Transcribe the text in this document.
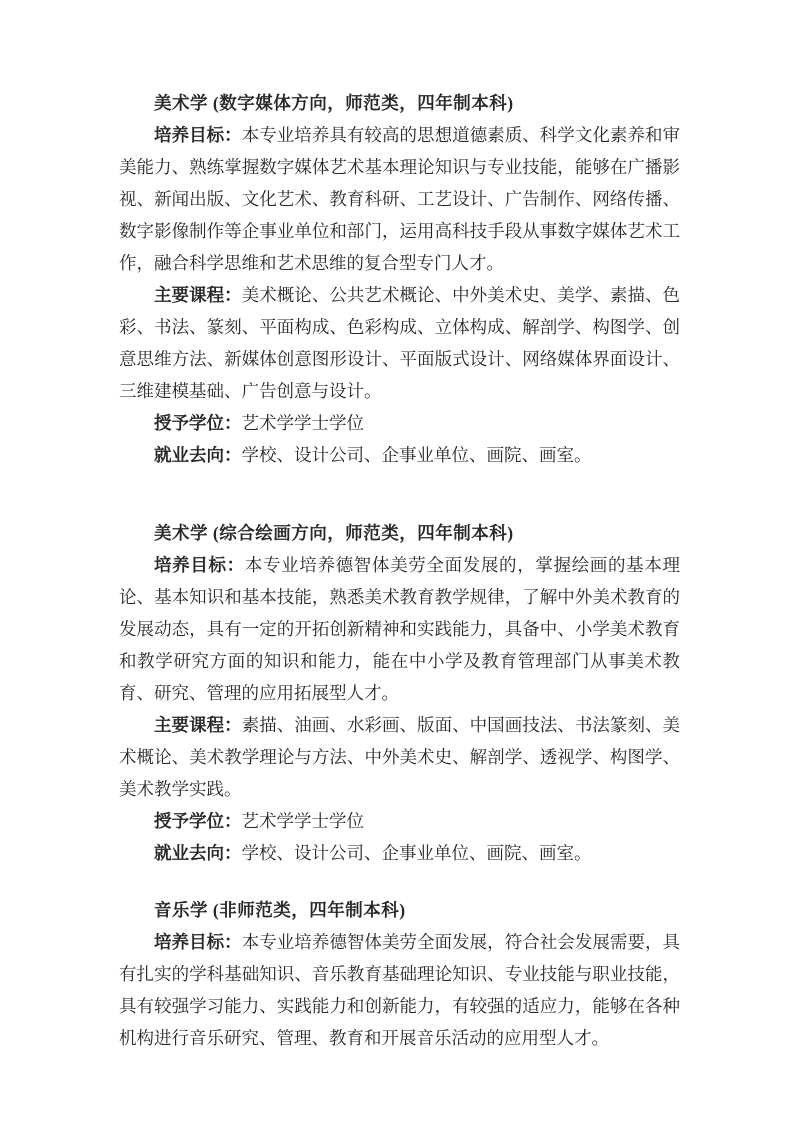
美术学 (数字媒体方向，师范类，四年制本科)

培养目标：本专业培养具有较高的思想道德素质、科学文化素养和审美能力、熟练掌握数字媒体艺术基本理论知识与专业技能，能够在广播影视、新闻出版、文化艺术、教育科研、工艺设计、广告制作、网络传播、数字影像制作等企事业单位和部门，运用高科技手段从事数字媒体艺术工作，融合科学思维和艺术思维的复合型专门人才。

主要课程：美术概论、公共艺术概论、中外美术史、美学、素描、色彩、书法、篆刻、平面构成、色彩构成、立体构成、解剖学、构图学、创意思维方法、新媒体创意图形设计、平面版式设计、网络媒体界面设计、三维建模基础、广告创意与设计。

授予学位：艺术学学士学位

就业去向：学校、设计公司、企事业单位、画院、画室。

美术学 (综合绘画方向，师范类，四年制本科)

培养目标：本专业培养德智体美劳全面发展的，掌握绘画的基本理论、基本知识和基本技能，熟悉美术教育教学规律，了解中外美术教育的发展动态，具有一定的开拓创新精神和实践能力，具备中、小学美术教育和教学研究方面的知识和能力，能在中小学及教育管理部门从事美术教育、研究、管理的应用拓展型人才。

主要课程：素描、油画、水彩画、版面、中国画技法、书法篆刻、美术概论、美术教学理论与方法、中外美术史、解剖学、透视学、构图学、美术教学实践。

授予学位：艺术学学士学位

就业去向：学校、设计公司、企事业单位、画院、画室。

音乐学 (非师范类，四年制本科)

培养目标：本专业培养德智体美劳全面发展，符合社会发展需要，具有扎实的学科基础知识、音乐教育基础理论知识、专业技能与职业技能，具有较强学习能力、实践能力和创新能力，有较强的适应力，能够在各种机构进行音乐研究、管理、教育和开展音乐活动的应用型人才。
